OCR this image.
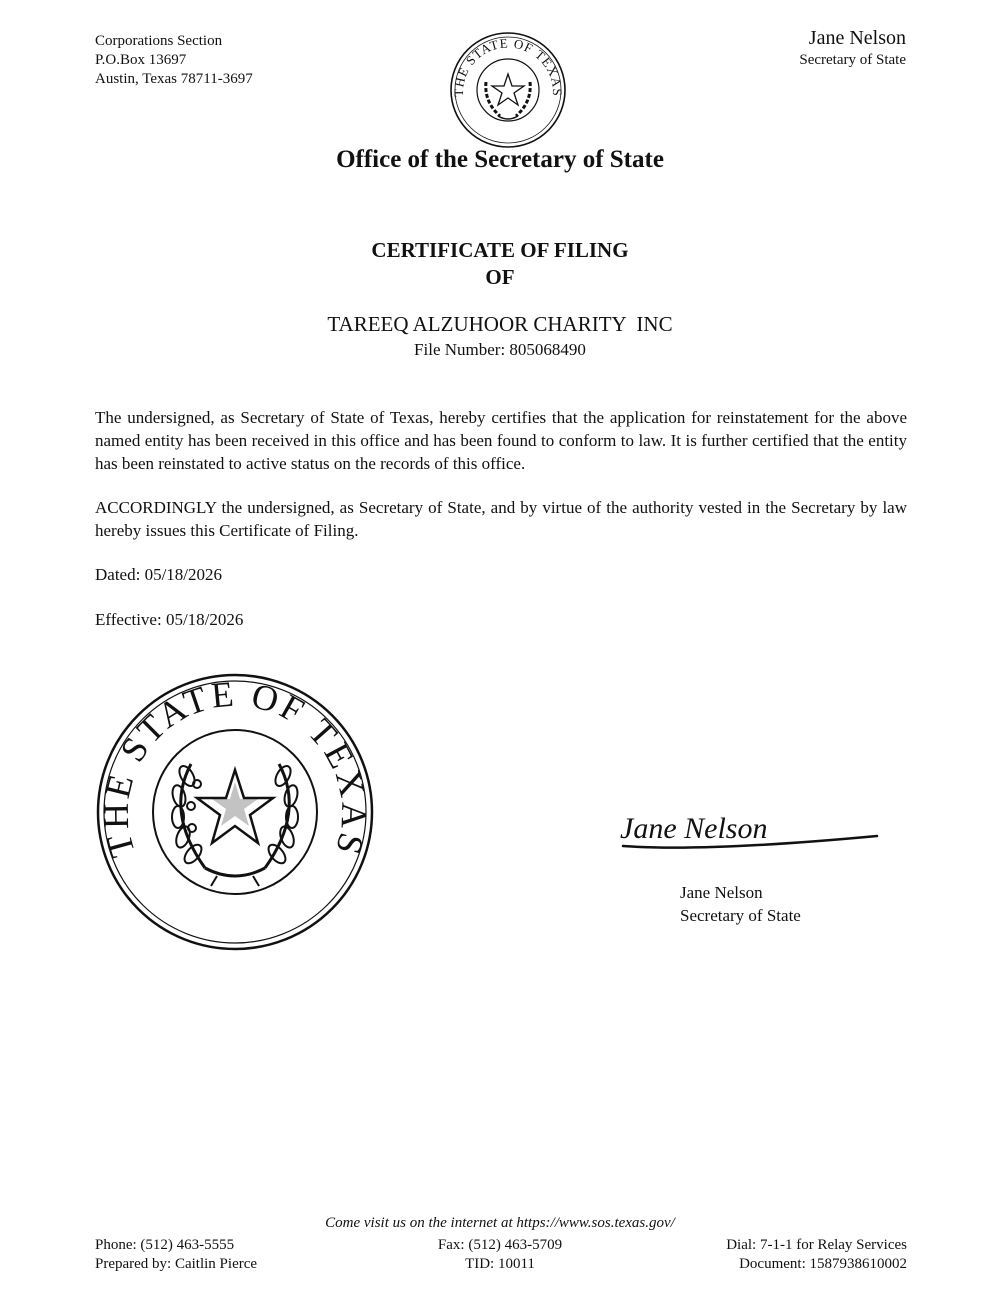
Corporations Section
P.O.Box 13697
Austin, Texas 78711-3697
Jane Nelson
Secretary of State
THE STATE OF TEXAS
Office of the Secretary of State
CERTIFICATE OF FILING
OF
TAREEQ ALZUHOOR CHARITY  INC
File Number: 805068490
The undersigned, as Secretary of State of Texas, hereby certifies that the application for reinstatement for the above named entity has been received in this office and has been found to conform to law. It is further certified that the entity has been reinstated to active status on the records of this office.
ACCORDINGLY the undersigned, as Secretary of State, and by virtue of the authority vested in the Secretary by law hereby issues this Certificate of Filing.
Dated: 05/18/2026
Effective: 05/18/2026
THE STATE OF TEXAS
Jane Nelson
Jane Nelson
Secretary of State
Come visit us on the internet at https://www.sos.texas.gov/
Phone: (512) 463-5555
Prepared by: Caitlin Pierce
Fax: (512) 463-5709
TID: 10011
Dial: 7-1-1 for Relay Services
Document: 1587938610002
